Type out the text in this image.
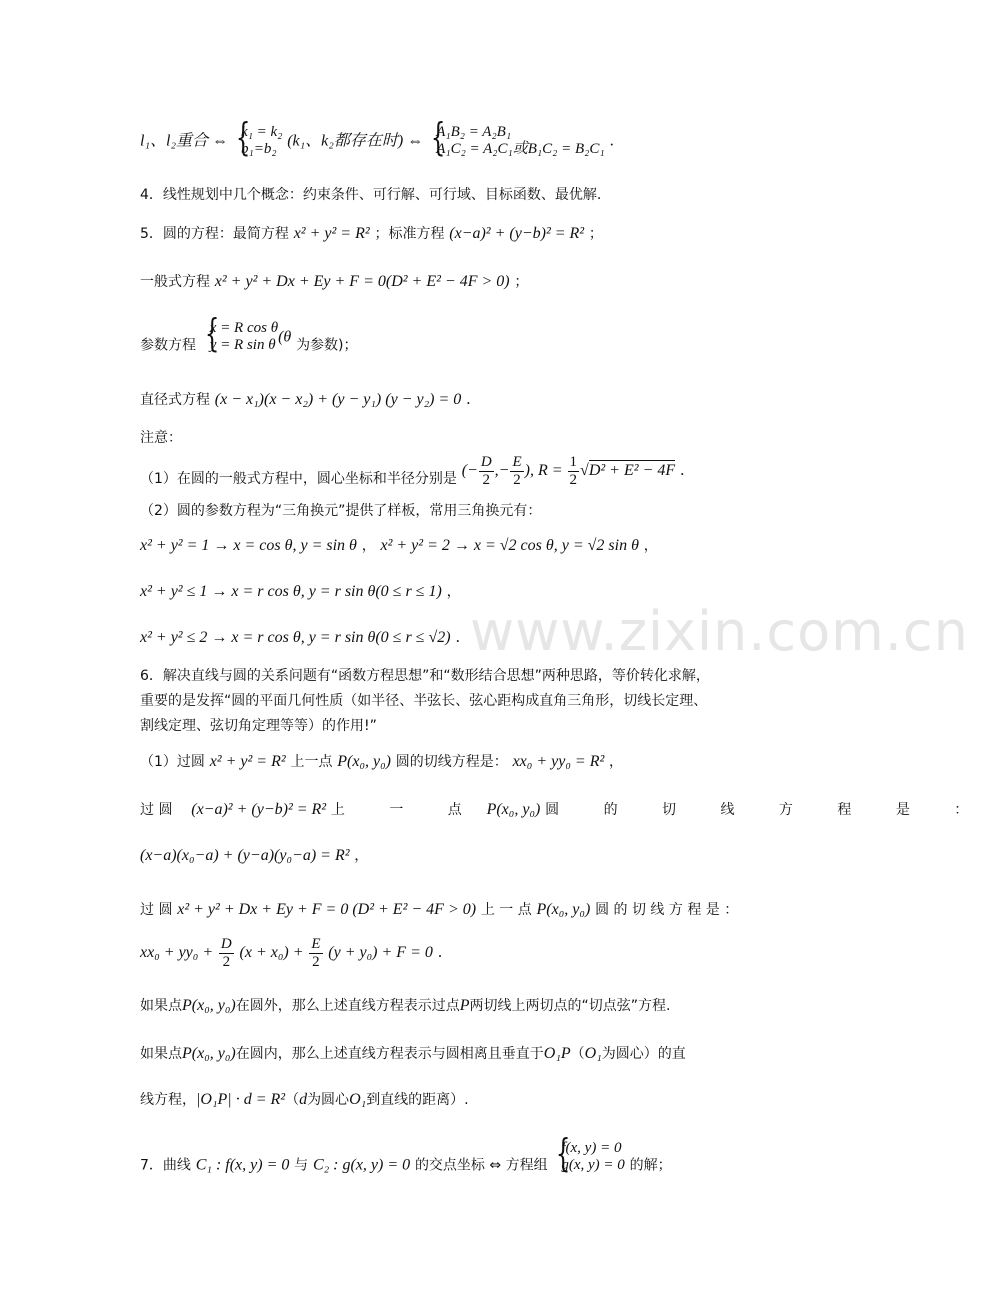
www.zixin.com.cn
l₁、l₂重合 ⇔
{ k₁ = k₂
b₁=b₂ (k₁、k₂都存在时) ⇔
{ A₁B₂ = A₂B₁
A₁C₂ = A₂C₁或B₁C₂ = B₂C₁ .
4．线性规划中几个概念：约束条件、可行解、可行域、目标函数、最优解.
5．圆的方程：最简方程 x² + y² = R² ；标准方程 (x−a)² + (y−b)² = R² ；
一般式方程 x² + y² + Dx + Ey + F = 0(D² + E² − 4F > 0) ；
参数方程
{ x = R cos θ
y = R sin θ (θ 为参数)；
直径式方程 (x − x₁)(x − x₂) + (y − y₁) (y − y₂) = 0 .
注意：
（1）在圆的一般式方程中，圆心坐标和半径分别是 (− $\frac{D}{2}$ ,− $\frac{E}{2}$ ), $R = \frac{1}{2} √D^2 + E^2 - 4F$ .
（2）圆的参数方程为“三角换元”提供了样板，常用三角换元有：
x² + y² = 1 → x = cos θ, y = sin θ ， x² + y² = 2 → x = √2 cos θ, y = √2 sin θ ，
x² + y² ≤ 1 → x = r cos θ, y = r sin θ(0 ≤ r ≤ 1) ，
x² + y² ≤ 2 → x = r cos θ, y = r sin θ(0 ≤ r ≤ √2) .
6．解决直线与圆的关系问题有“函数方程思想”和“数形结合思想”两种思路，等价转化求解，
重要的是发挥“圆的平面几何性质（如半径、半弦长、弦心距构成直角三角形，切线长定理、
割线定理、弦切角定理等等）的作用!”
（1）过圆 x² + y² = R² 上一点 P(x₀, y₀) 圆的切线方程是： xx₀ + yy₀ = R² ，
过 圆 (x−a)² + (y−b)² = R² 上 一 点 P(x₀, y₀) 圆 的 切 线 方 程 是 ：
(x−a)(x₀−a) + (y−a)(y₀−a) = R² ，
过 圆 x² + y² + Dx + Ey + F = 0 (D² + E² − 4F > 0) 上 一 点 P(x₀, y₀) 圆 的 切 线 方 程 是 ：
$xx_0 + yy_0 + \frac{D}{2} (x + x_0) + \frac{E}{2} (y + y_0) + F = 0$ .
如果点P(x₀, y₀)在圆外，那么上述直线方程表示过点P两切线上两切点的“切点弦”方程.
如果点P(x₀, y₀)在圆内，那么上述直线方程表示与圆相离且垂直于O₁P（O₁为圆心）的直
线方程，|O₁P| · d = R²（d为圆心O₁到直线的距离）.
7．曲线 C₁ : f(x, y) = 0 与 C₂ : g(x, y) = 0 的交点坐标 ⇔ 方程组
{ f(x, y) = 0
g(x, y) = 0 的解；
